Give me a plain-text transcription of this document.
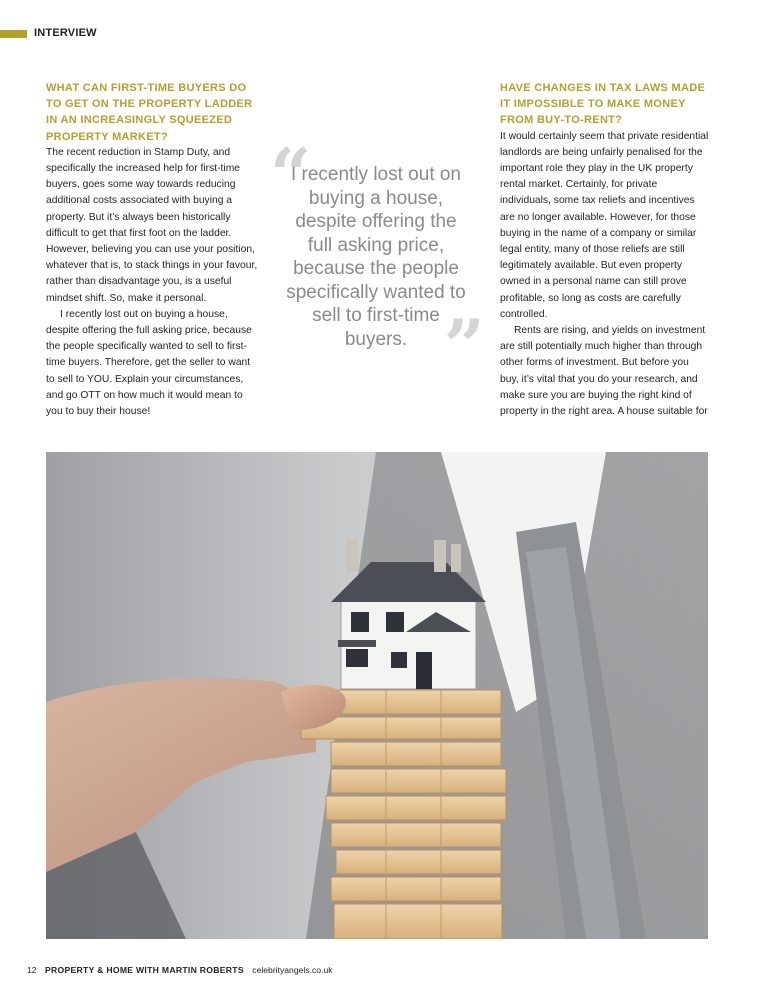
INTERVIEW

WHAT CAN FIRST-TIME BUYERS DO TO GET ON THE PROPERTY LADDER IN AN INCREASINGLY SQUEEZED PROPERTY MARKET?

The recent reduction in Stamp Duty, and specifically the increased help for first-time buyers, goes some way towards reducing additional costs associated with buying a property. But it’s always been historically difficult to get that first foot on the ladder. However, believing you can use your position, whatever that is, to stack things in your favour, rather than disadvantage you, is a useful mindset shift. So, make it personal.

I recently lost out on buying a house, despite offering the full asking price, because the people specifically wanted to sell to first-time buyers. Therefore, get the seller to want to sell to YOU. Explain your circumstances, and go OTT on how much it would mean to you to buy their house!

“
I recently lost out on buying a house, despite offering the full asking price, because the people specifically wanted to sell to first-time buyers. ”

HAVE CHANGES IN TAX LAWS MADE IT IMPOSSIBLE TO MAKE MONEY FROM BUY-TO-RENT?

It would certainly seem that private residential landlords are being unfairly penalised for the important role they play in the UK property rental market. Certainly, for private individuals, some tax reliefs and incentives are no longer available. However, for those buying in the name of a company or similar legal entity, many of those reliefs are still legitimately available. But even property owned in a personal name can still prove profitable, so long as costs are carefully controlled.

Rents are rising, and yields on investment are still potentially much higher than through other forms of investment. But before you buy, it’s vital that you do your research, and make sure you are buying the right kind of property in the right area. A house suitable for

12 PROPERTY & HOME WITH MARTIN ROBERTS celebrityangels.co.uk
